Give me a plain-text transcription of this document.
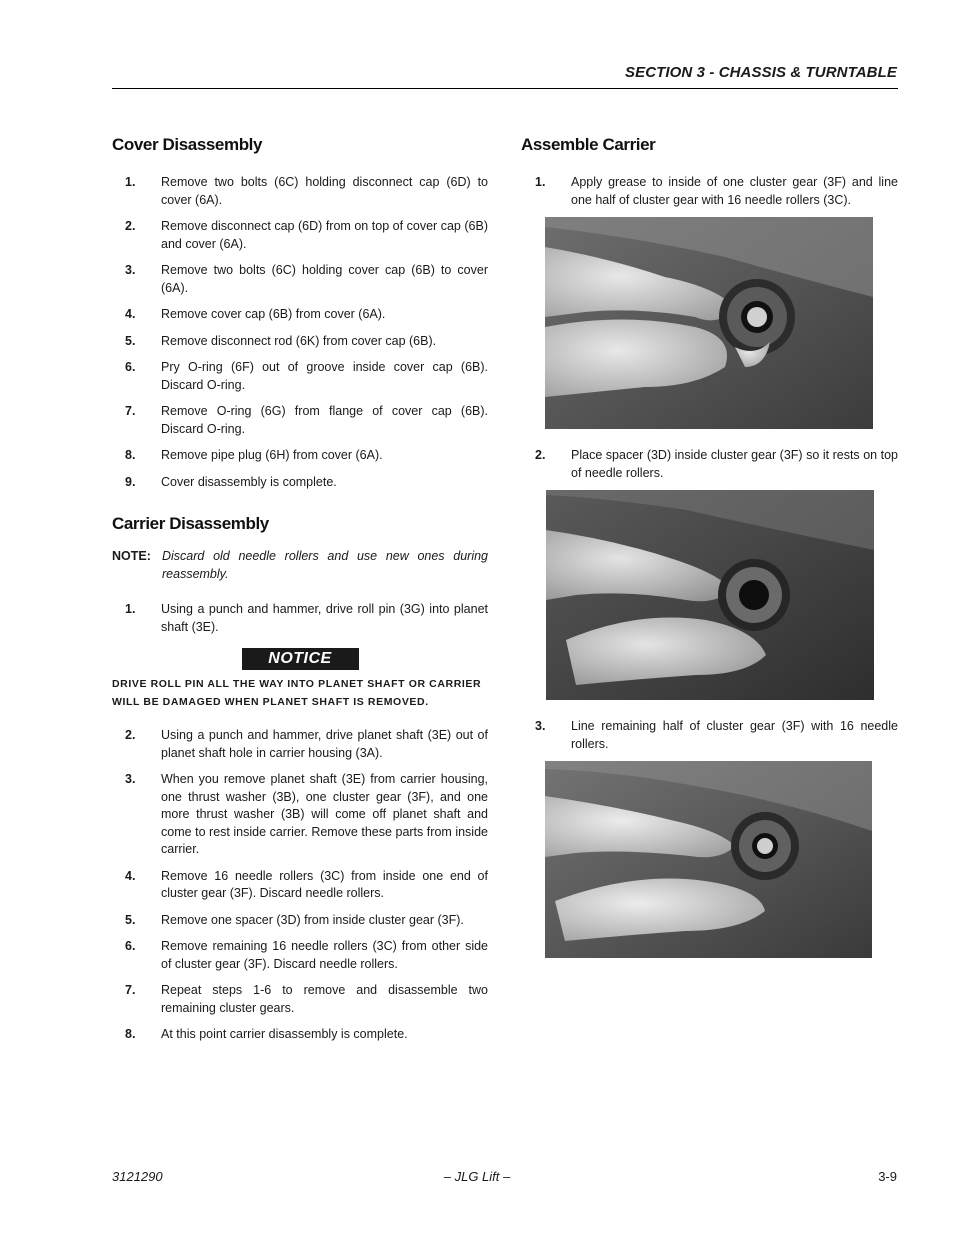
SECTION 3 - CHASSIS & TURNTABLE
Cover Disassembly
1.	Remove two bolts (6C) holding disconnect cap (6D) to cover (6A).
2.	Remove disconnect cap (6D) from on top of cover cap (6B) and cover (6A).
3.	Remove two bolts (6C) holding cover cap (6B) to cover (6A).
4.	Remove cover cap (6B) from cover (6A).
5.	Remove disconnect rod (6K) from cover cap (6B).
6.	Pry O-ring (6F) out of groove inside cover cap (6B). Discard O-ring.
7.	Remove O-ring (6G) from flange of cover cap (6B). Discard O-ring.
8.	Remove pipe plug (6H) from cover (6A).
9.	Cover disassembly is complete.
Carrier Disassembly
NOTE: Discard old needle rollers and use new ones during reassembly.
1.	Using a punch and hammer, drive roll pin (3G) into planet shaft (3E).
NOTICE
DRIVE ROLL PIN ALL THE WAY INTO PLANET SHAFT OR CARRIER WILL BE DAMAGED WHEN PLANET SHAFT IS REMOVED.
2.	Using a punch and hammer, drive planet shaft (3E) out of planet shaft hole in carrier housing (3A).
3.	When you remove planet shaft (3E) from carrier housing, one thrust washer (3B), one cluster gear (3F), and one more thrust washer (3B) will come off planet shaft and come to rest inside carrier. Remove these parts from inside carrier.
4.	Remove 16 needle rollers (3C) from inside one end of cluster gear (3F). Discard needle rollers.
5.	Remove one spacer (3D) from inside cluster gear (3F).
6.	Remove remaining 16 needle rollers (3C) from other side of cluster gear (3F). Discard needle rollers.
7.	Repeat steps 1-6 to remove and disassemble two remaining cluster gears.
8.	At this point carrier disassembly is complete.
Assemble Carrier
1.	Apply grease to inside of one cluster gear (3F) and line one half of cluster gear with 16 needle rollers (3C).
2.	Place spacer (3D) inside cluster gear (3F) so it rests on top of needle rollers.
3.	Line remaining half of cluster gear (3F) with 16 needle rollers.
3121290	– JLG Lift –	3-9
